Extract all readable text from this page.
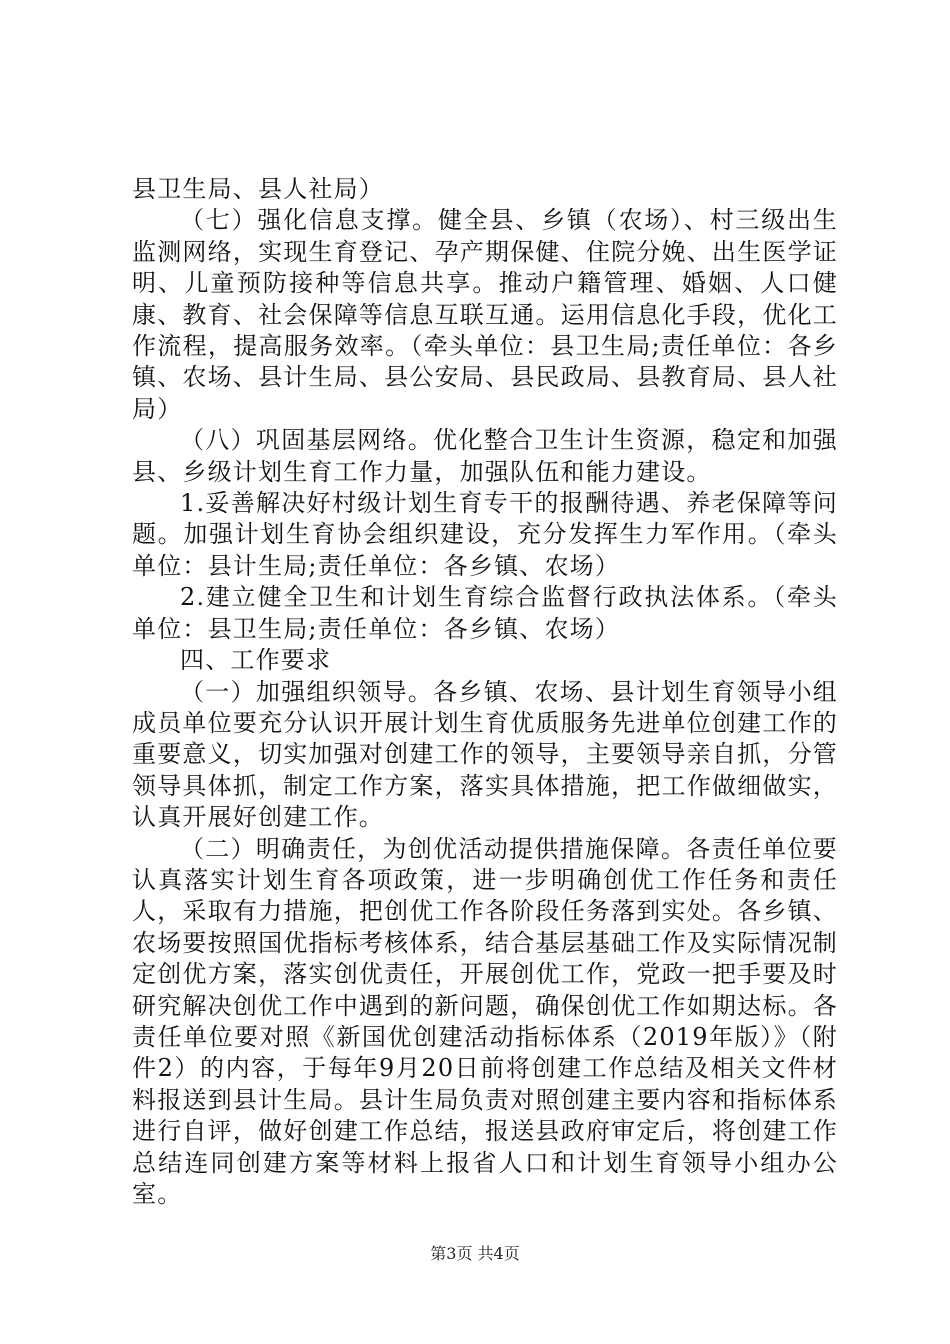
县卫生局、县人社局）

（七）强化信息支撑。健全县、乡镇（农场）、村三级出生监测网络，实现生育登记、孕产期保健、住院分娩、出生医学证明、儿童预防接种等信息共享。推动户籍管理、婚姻、人口健康、教育、社会保障等信息互联互通。运用信息化手段，优化工作流程，提高服务效率。（牵头单位：县卫生局;责任单位：各乡镇、农场、县计生局、县公安局、县民政局、县教育局、县人社局）

（八）巩固基层网络。优化整合卫生计生资源，稳定和加强县、乡级计划生育工作力量，加强队伍和能力建设。

1.妥善解决好村级计划生育专干的报酬待遇、养老保障等问题。加强计划生育协会组织建设，充分发挥生力军作用。（牵头单位：县计生局;责任单位：各乡镇、农场）

2.建立健全卫生和计划生育综合监督行政执法体系。（牵头单位：县卫生局;责任单位：各乡镇、农场）

四、工作要求

（一）加强组织领导。各乡镇、农场、县计划生育领导小组成员单位要充分认识开展计划生育优质服务先进单位创建工作的重要意义，切实加强对创建工作的领导，主要领导亲自抓，分管领导具体抓，制定工作方案，落实具体措施，把工作做细做实，认真开展好创建工作。

（二）明确责任，为创优活动提供措施保障。各责任单位要认真落实计划生育各项政策，进一步明确创优工作任务和责任人，采取有力措施，把创优工作各阶段任务落到实处。各乡镇、农场要按照国优指标考核体系，结合基层基础工作及实际情况制定创优方案，落实创优责任，开展创优工作，党政一把手要及时研究解决创优工作中遇到的新问题，确保创优工作如期达标。各责任单位要对照《新国优创建活动指标体系（2019年版）》（附件2）的内容，于每年9月20日前将创建工作总结及相关文件材料报送到县计生局。县计生局负责对照创建主要内容和指标体系进行自评，做好创建工作总结，报送县政府审定后，将创建工作总结连同创建方案等材料上报省人口和计划生育领导小组办公室。

第3页 共4页
